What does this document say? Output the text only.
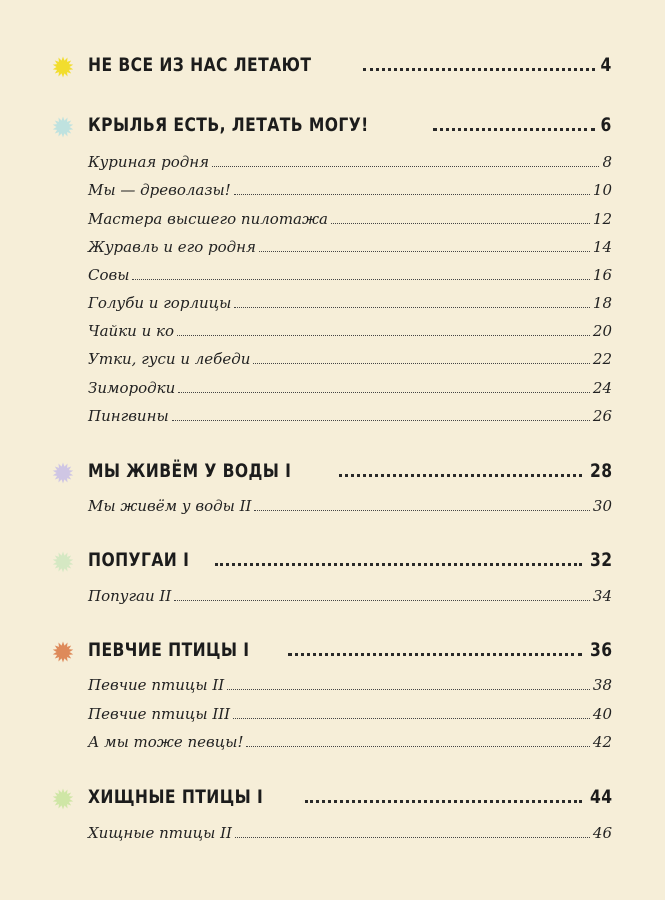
НЕ ВСЕ ИЗ НАС ЛЕТАЮТ	4
КРЫЛЬЯ ЕСТЬ, ЛЕТАТЬ МОГУ!	6
Куриная родня	8
Мы — древолазы!	10
Мастера высшего пилотажа	12
Журавль и его родня	14
Совы	16
Голуби и горлицы	18
Чайки и ко	20
Утки, гуси и лебеди	22
Зимородки	24
Пингвины	26
МЫ ЖИВЁМ У ВОДЫ I	28
Мы живём у воды II	30
ПОПУГАИ I	32
Попугаи II	34
ПЕВЧИЕ ПТИЦЫ I	36
Певчие птицы II	38
Певчие птицы III	40
А мы тоже певцы!	42
ХИЩНЫЕ ПТИЦЫ I	44
Хищные птицы II	46
